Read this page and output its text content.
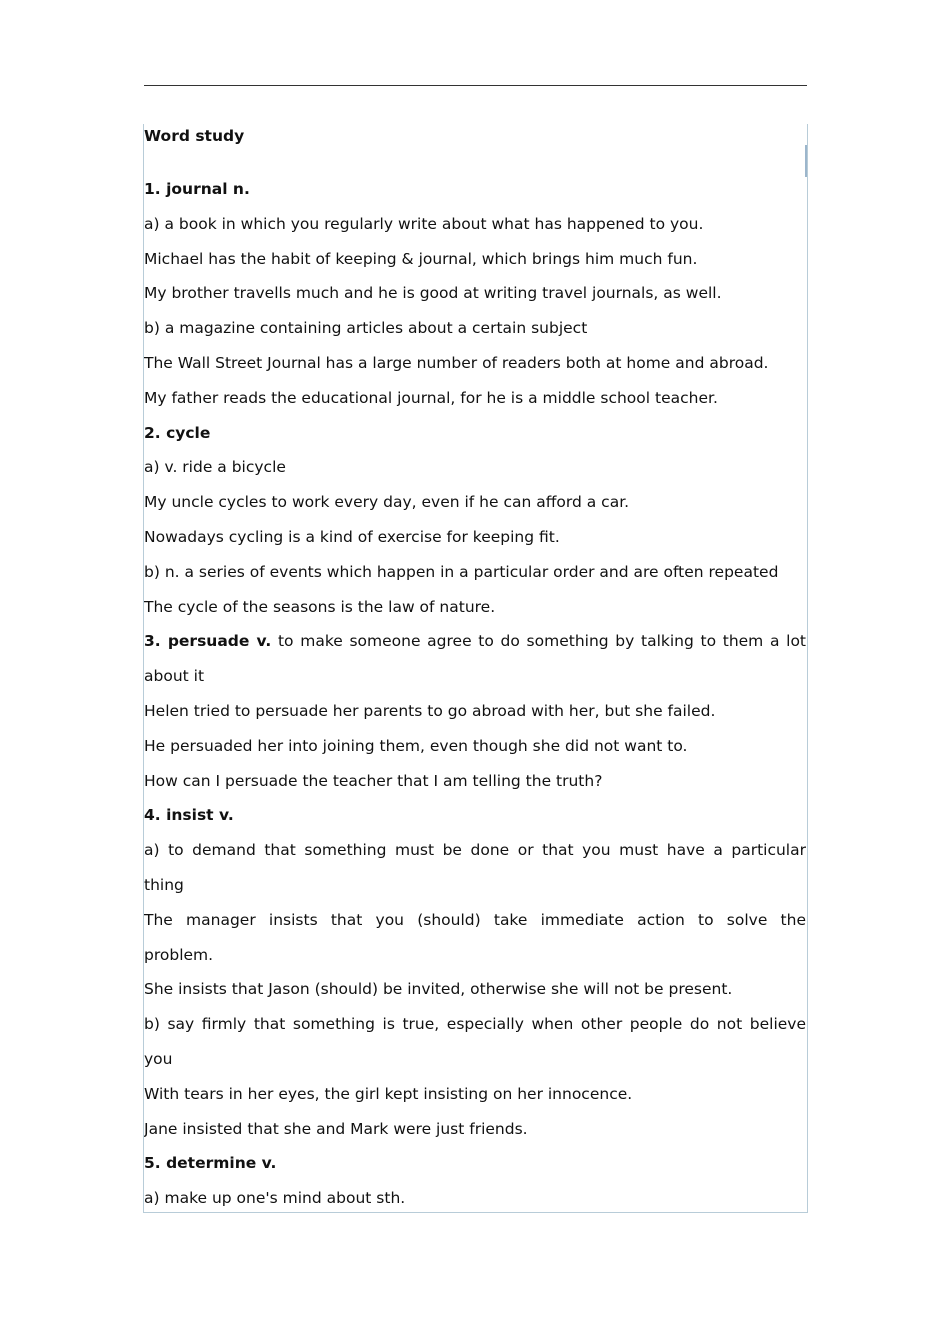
Word study
1. journal n.
a) a book in which you regularly write about what has happened to you.
Michael has the habit of keeping & journal, which brings him much fun.
My brother travells much and he is good at writing travel journals, as well.
b) a magazine containing articles about a certain subject
The Wall Street Journal has a large number of readers both at home and abroad.
My father reads the educational journal, for he is a middle school teacher.
2. cycle
a) v. ride a bicycle
My uncle cycles to work every day, even if he can afford a car.
Nowadays cycling is a kind of exercise for keeping fit.
b) n. a series of events which happen in a particular order and are often repeated
The cycle of the seasons is the law of nature.
3. persuade v. to make someone agree to do something by talking to them a lot
about it
Helen tried to persuade her parents to go abroad with her, but she failed.
He persuaded her into joining them, even though she did not want to.
How can I persuade the teacher that I am telling the truth?
4. insist v.
a) to demand that something must be done or that you must have a particular
thing
The manager insists that you (should) take immediate action to solve the
problem.
She insists that Jason (should) be invited, otherwise she will not be present.
b) say firmly that something is true, especially when other people do not believe
you
With tears in her eyes, the girl kept insisting on her innocence.
Jane insisted that she and Mark were just friends.
5. determine v.
a) make up one's mind about sth.
